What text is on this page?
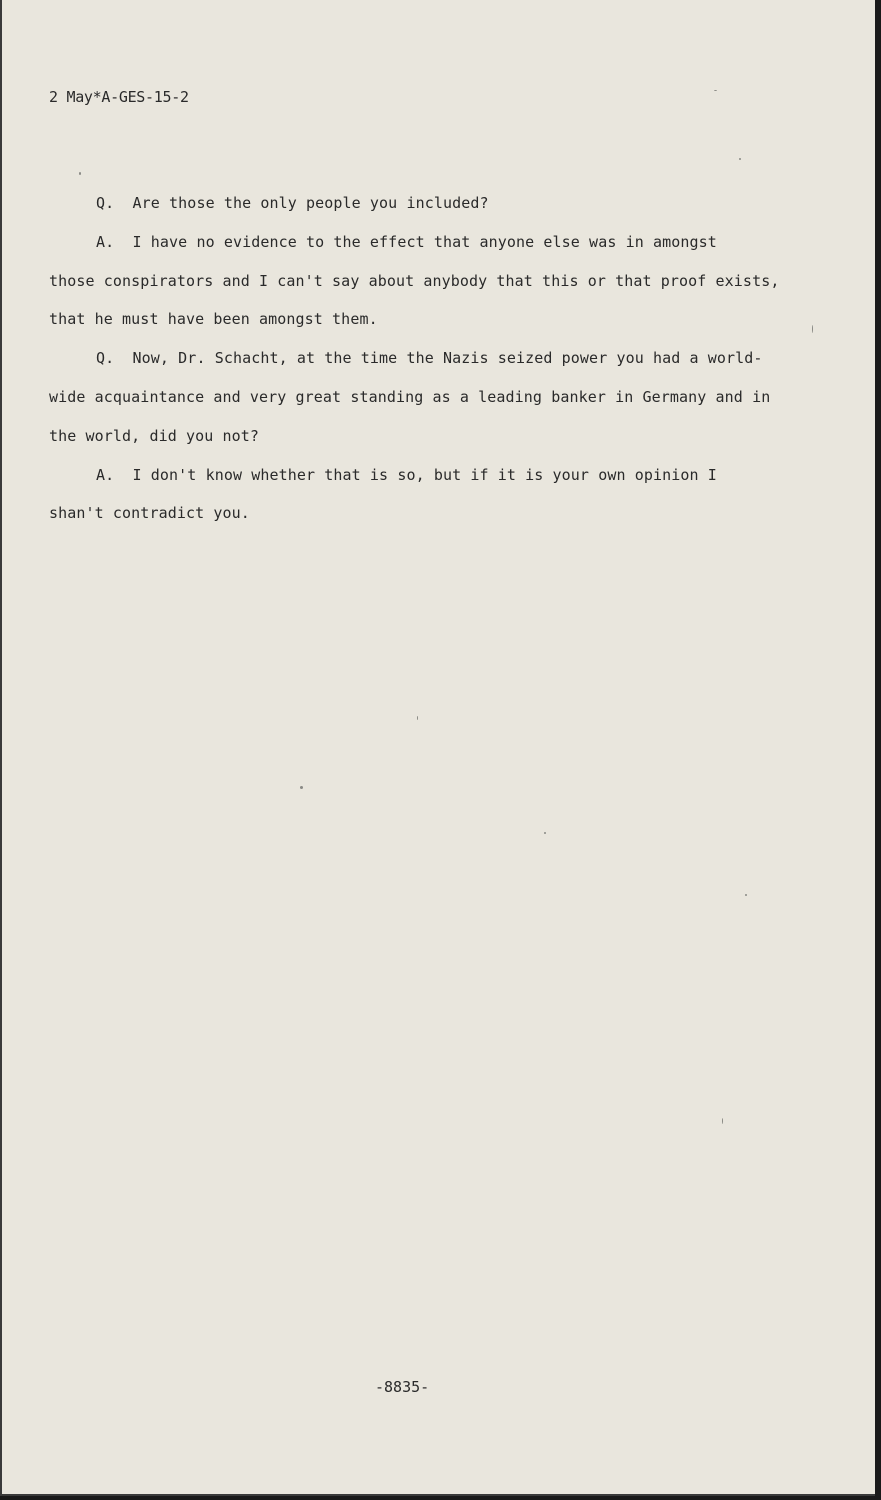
2 May*A-GES-15-2
Q.  Are those the only people you included?
A.  I have no evidence to the effect that anyone else was in amongst
those conspirators and I can't say about anybody that this or that proof exists,
that he must have been amongst them.
Q.  Now, Dr. Schacht, at the time the Nazis seized power you had a world-
wide acquaintance and very great standing as a leading banker in Germany and in
the world, did you not?
A.  I don't know whether that is so, but if it is your own opinion I
shan't contradict you.
-8835-
